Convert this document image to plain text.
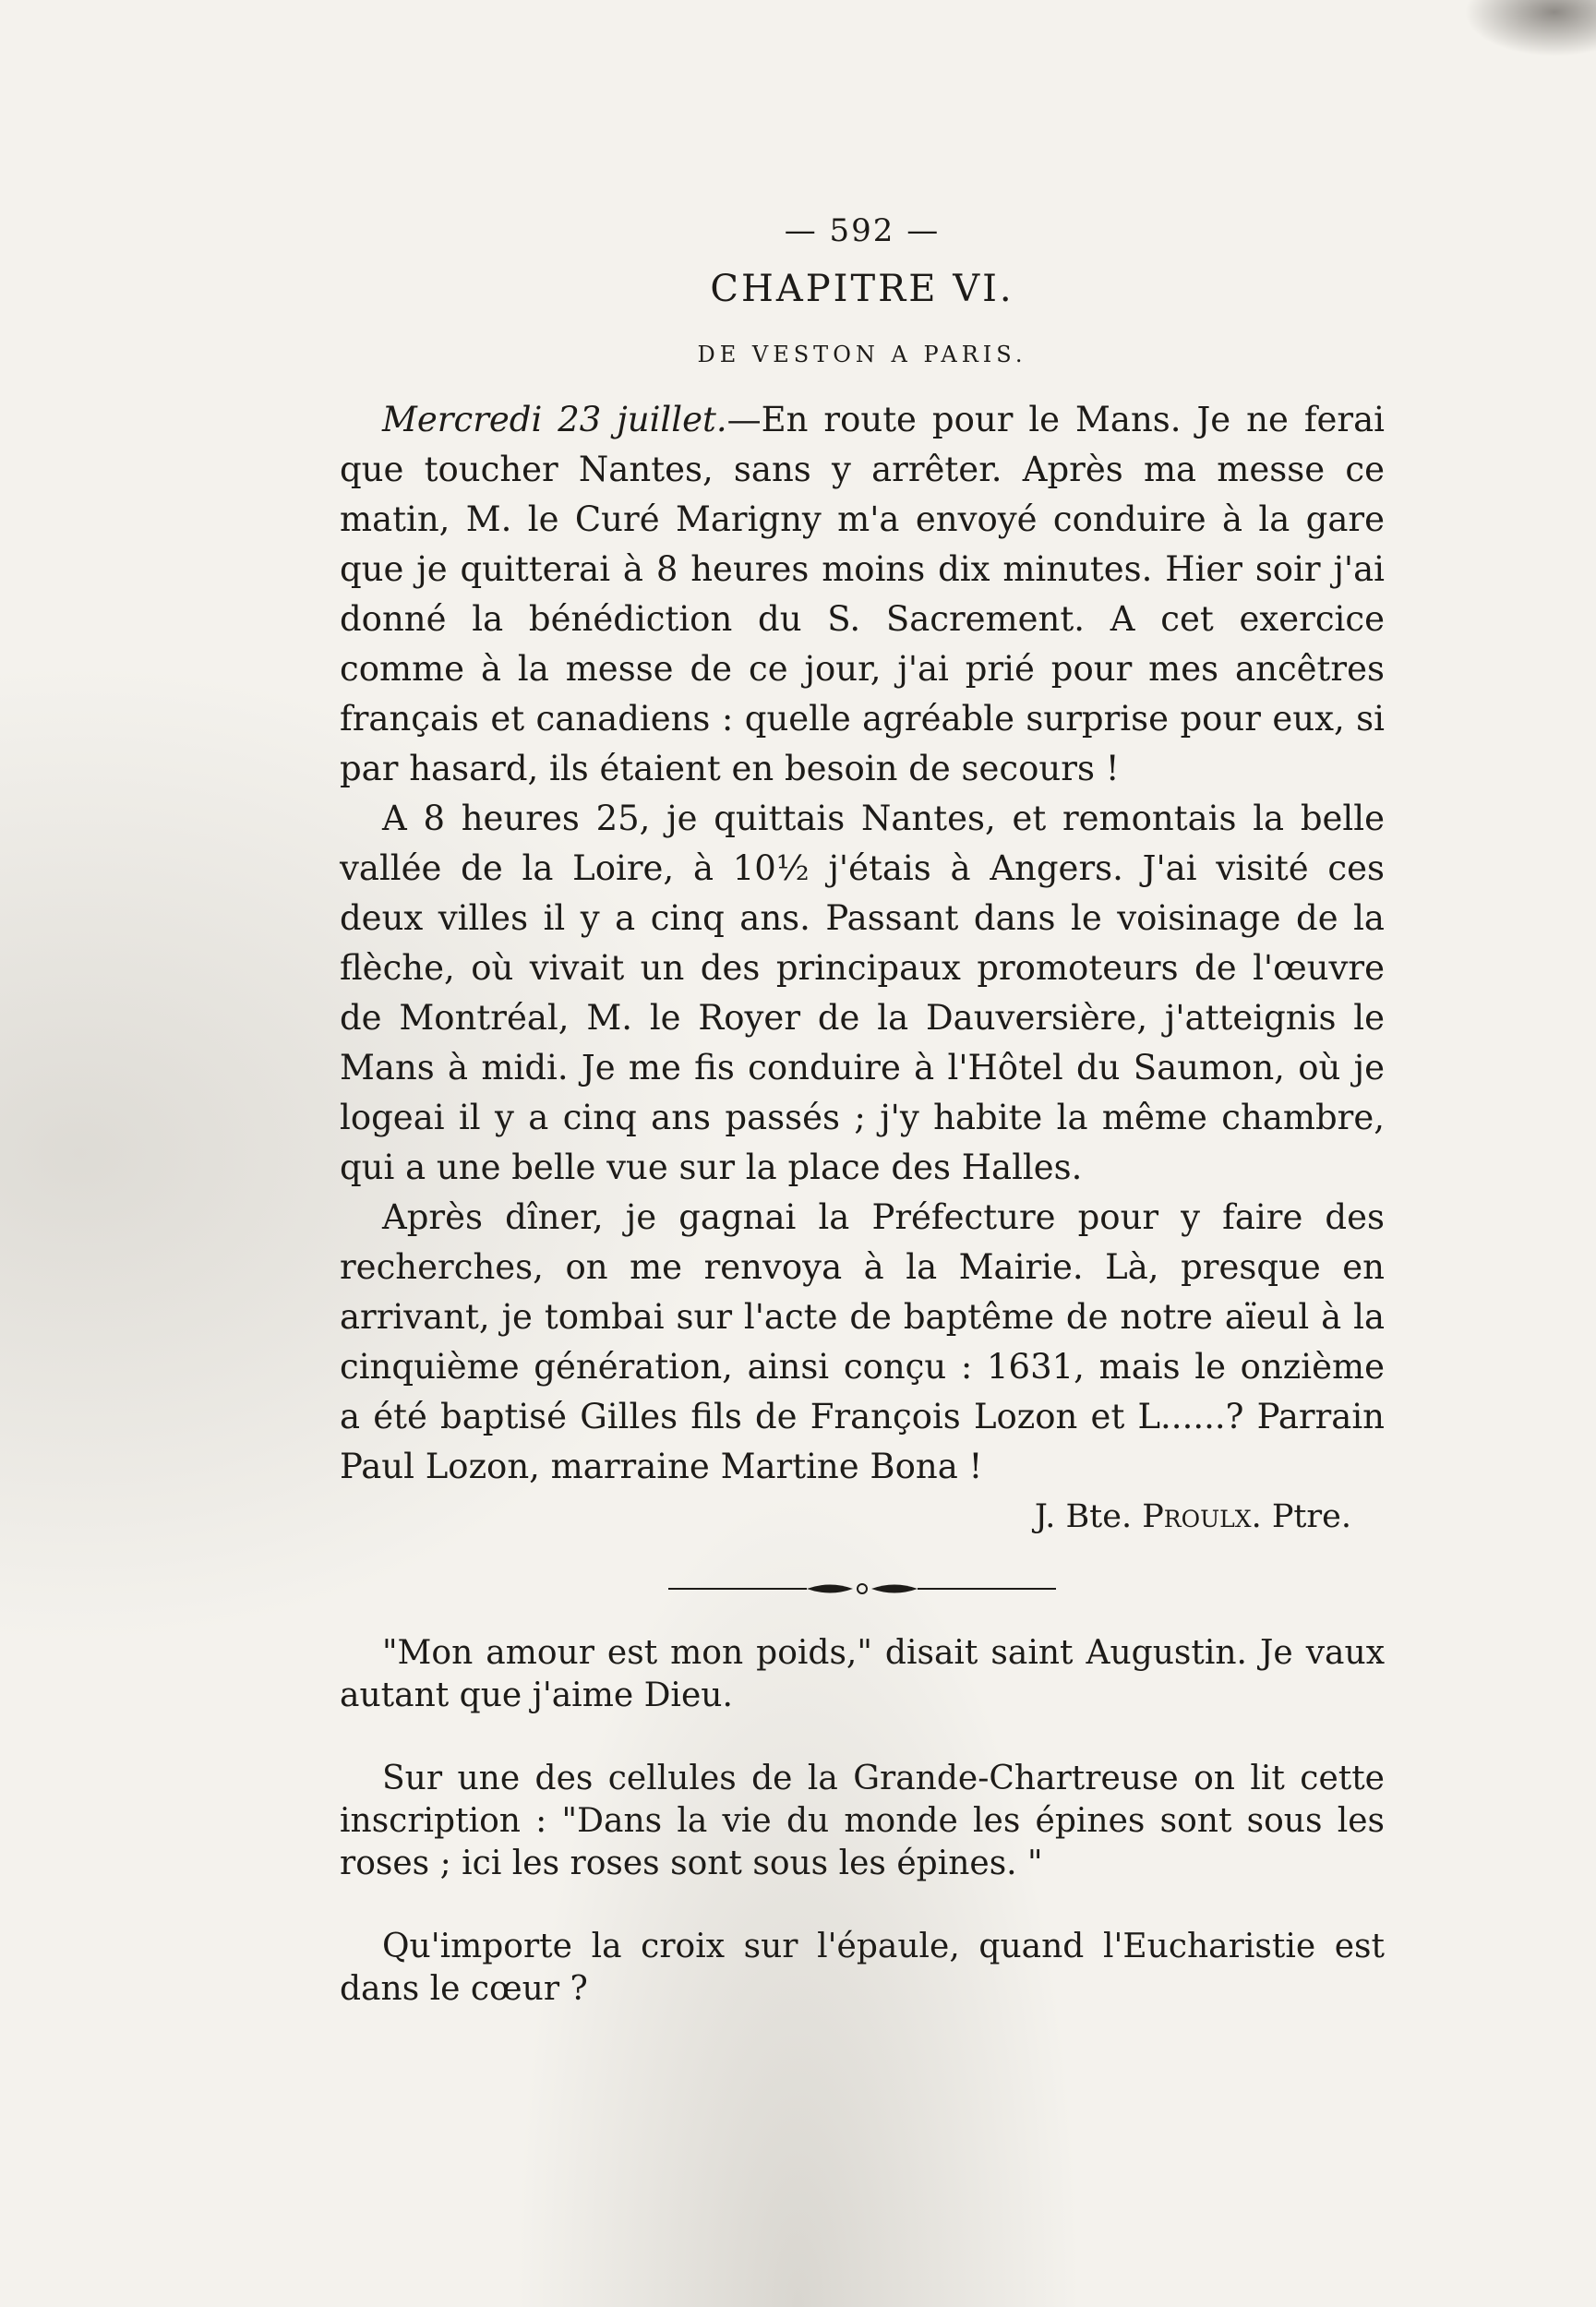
— 592 —

CHAPITRE VI.
DE VESTON A PARIS.

Mercredi 23 juillet.—En route pour le Mans. Je ne ferai que toucher Nantes, sans y arrêter. Après ma messe ce matin, M. le Curé Marigny m'a envoyé conduire à la gare que je quitterai à 8 heures moins dix minutes. Hier soir j'ai donné la bénédiction du S. Sacrement. A cet exercice comme à la messe de ce jour, j'ai prié pour mes ancêtres français et canadiens : quelle agréable surprise pour eux, si par hasard, ils étaient en besoin de secours !

A 8 heures 25, je quittais Nantes, et remontais la belle vallée de la Loire, à 10½ j'étais à Angers. J'ai visité ces deux villes il y a cinq ans. Passant dans le voisinage de la flèche, où vivait un des principaux promoteurs de l'œuvre de Montréal, M. le Royer de la Dauversière, j'atteignis le Mans à midi. Je me fis conduire à l'Hôtel du Saumon, où je logeai il y a cinq ans passés ; j'y habite la même chambre, qui a une belle vue sur la place des Halles.

Après dîner, je gagnai la Préfecture pour y faire des recherches, on me renvoya à la Mairie. Là, presque en arrivant, je tombai sur l'acte de baptême de notre aïeul à la cinquième génération, ainsi conçu : 1631, mais le onzième a été baptisé Gilles fils de François Lozon et L......? Parrain Paul Lozon, marraine Martine Bona !

J. Bte. Proulx. Ptre.

"Mon amour est mon poids," disait saint Augustin. Je vaux autant que j'aime Dieu.

Sur une des cellules de la Grande-Chartreuse on lit cette inscription : "Dans la vie du monde les épines sont sous les roses ; ici les roses sont sous les épines. "

Qu'importe la croix sur l'épaule, quand l'Eucharistie est dans le cœur ?
